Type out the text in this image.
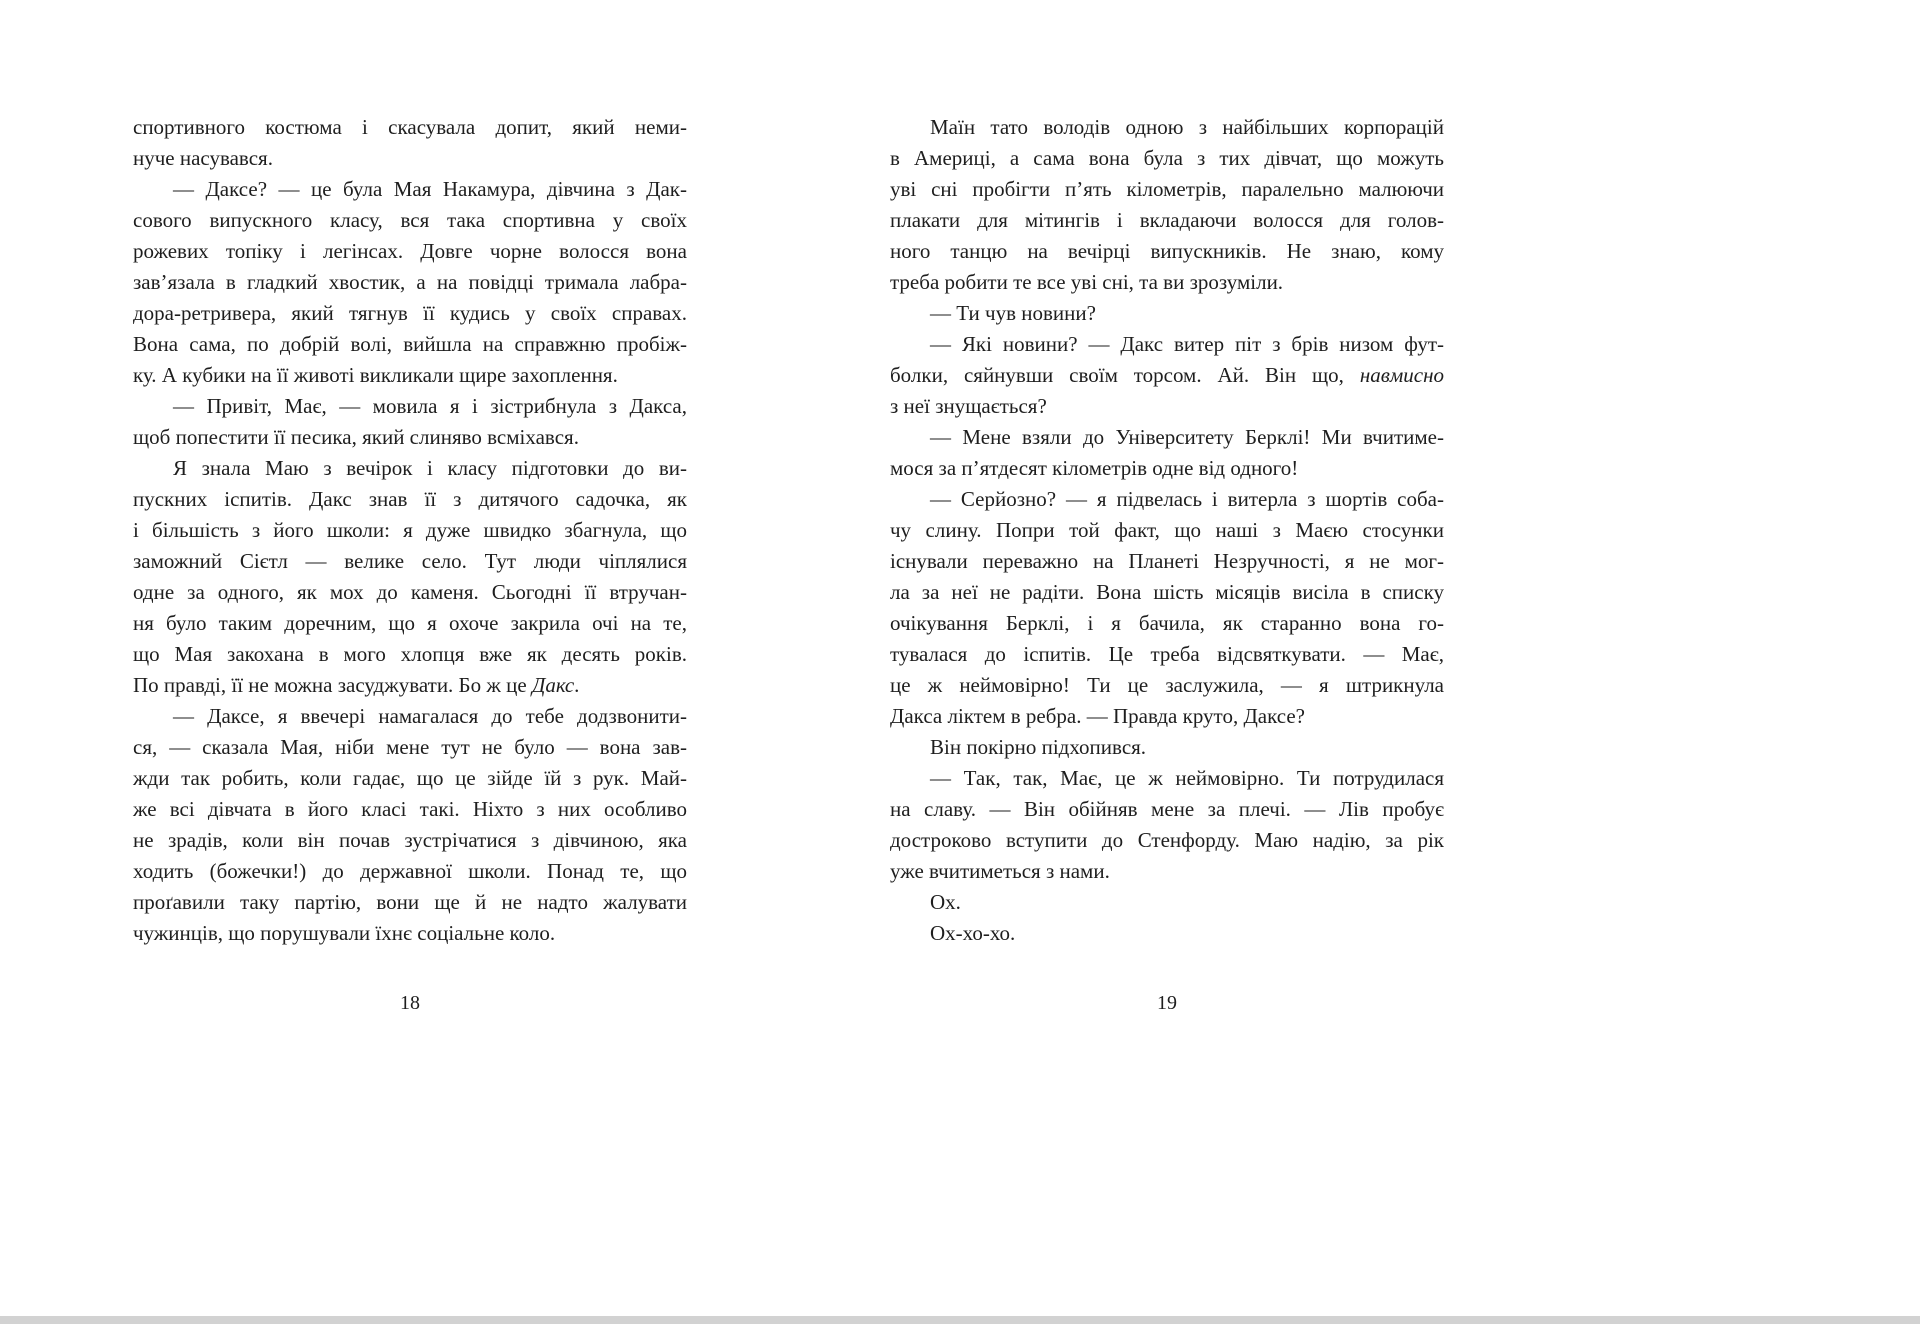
спортивного костюма і скасувала допит, який неми-
нуче насувався.
— Даксе? — це була Мая Накамура, дівчина з Дак-
сового випускного класу, вся така спортивна у своїх
рожевих топіку і легінсах. Довге чорне волосся вона
зав’язала в гладкий хвостик, а на повідці тримала лабра-
дора-ретривера, який тягнув її кудись у своїх справах.
Вона сама, по добрій волі, вийшла на справжню пробіж-
ку. А кубики на її животі викликали щире захоплення.
— Привіт, Має, — мовила я і зістрибнула з Дакса,
щоб попестити її песика, який слиняво всміхався.
Я знала Маю з вечірок і класу підготовки до ви-
пускних іспитів. Дакс знав її з дитячого садочка, як
і більшість з його школи: я дуже швидко збагнула, що
заможний Сієтл — велике село. Тут люди чіплялися
одне за одного, як мох до каменя. Сьогодні її втручан-
ня було таким доречним, що я охоче закрила очі на те,
що Мая закохана в мого хлопця вже як десять років.
По правді, її не можна засуджувати. Бо ж це Дакс.
— Даксе, я ввечері намагалася до тебе додзвонити-
ся, — сказала Мая, ніби мене тут не було — вона зав-
жди так робить, коли гадає, що це зійде їй з рук. Май-
же всі дівчата в його класі такі. Ніхто з них особливо
не зрадів, коли він почав зустрічатися з дівчиною, яка
ходить (божечки!) до державної школи. Понад те, що
проґавили таку партію, вони ще й не надто жалувати
чужинців, що порушували їхнє соціальне коло.
18
Маїн тато володів одною з найбільших корпорацій
в Америці, а сама вона була з тих дівчат, що можуть
уві сні пробігти п’ять кілометрів, паралельно малюючи
плакати для мітингів і вкладаючи волосся для голов-
ного танцю на вечірці випускників. Не знаю, кому
треба робити те все уві сні, та ви зрозуміли.
— Ти чув новини?
— Які новини? — Дакс витер піт з брів низом фут-
болки, сяйнувши своїм торсом. Ай. Він що, навмисно
з неї знущається?
— Мене взяли до Університету Берклі! Ми вчитиме-
мося за п’ятдесят кілометрів одне від одного!
— Серйозно? — я підвелась і витерла з шортів соба-
чу слину. Попри той факт, що наші з Маєю стосунки
існували переважно на Планеті Незручності, я не мог-
ла за неї не радіти. Вона шість місяців висіла в списку
очікування Берклі, і я бачила, як старанно вона го-
тувалася до іспитів. Це треба відсвяткувати. — Має,
це ж неймовірно! Ти це заслужила, — я штрикнула
Дакса ліктем в ребра. — Правда круто, Даксе?
Він покірно підхопився.
— Так, так, Має, це ж неймовірно. Ти потрудилася
на славу. — Він обійняв мене за плечі. — Лів пробує
достроково вступити до Стенфорду. Маю надію, за рік
уже вчитиметься з нами.
Ох.
Ох-хо-хо.
19
